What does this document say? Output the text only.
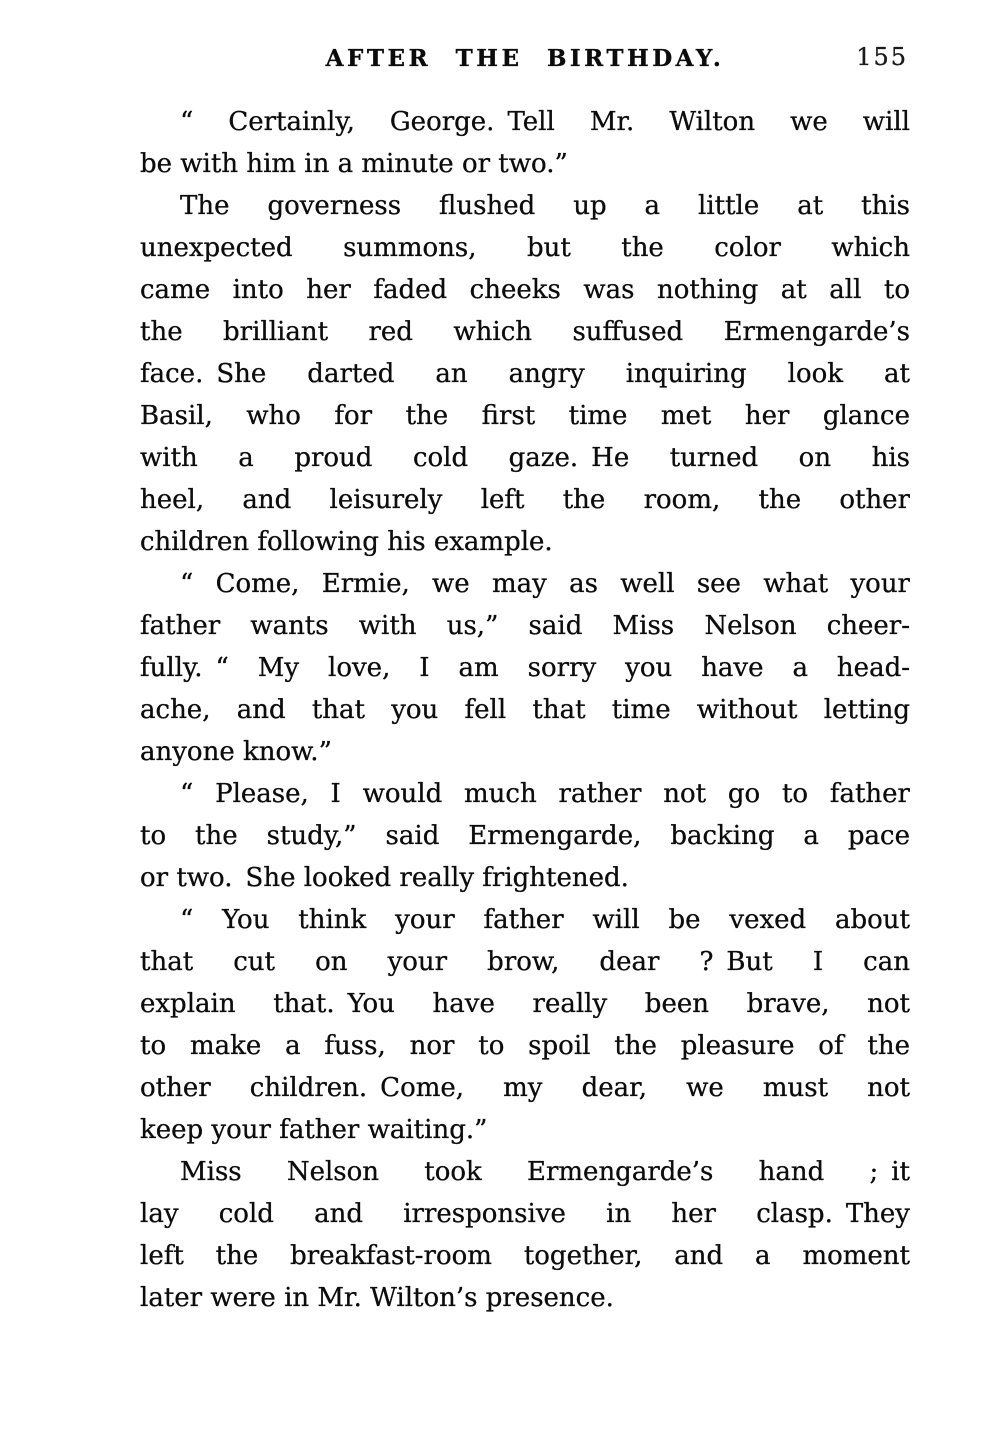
AFTER THE BIRTHDAY.	155
“ Certainly, George. Tell Mr. Wilton we will
be with him in a minute or two.”
The governess flushed up a little at this
unexpected summons, but the color which
came into her faded cheeks was nothing at all to
the brilliant red which suffused Ermengarde’s
face. She darted an angry inquiring look at
Basil, who for the first time met her glance
with a proud cold gaze. He turned on his
heel, and leisurely left the room, the other
children following his example.
“ Come, Ermie, we may as well see what your
father wants with us,” said Miss Nelson cheer-
fully. “ My love, I am sorry you have a head-
ache, and that you fell that time without letting
anyone know.”
“ Please, I would much rather not go to father
to the study,” said Ermengarde, backing a pace
or two. She looked really frightened.
“ You think your father will be vexed about
that cut on your brow, dear ? But I can
explain that. You have really been brave, not
to make a fuss, nor to spoil the pleasure of the
other children. Come, my dear, we must not
keep your father waiting.”
Miss Nelson took Ermengarde’s hand ; it
lay cold and irresponsive in her clasp. They
left the breakfast-room together, and a moment
later were in Mr. Wilton’s presence.
